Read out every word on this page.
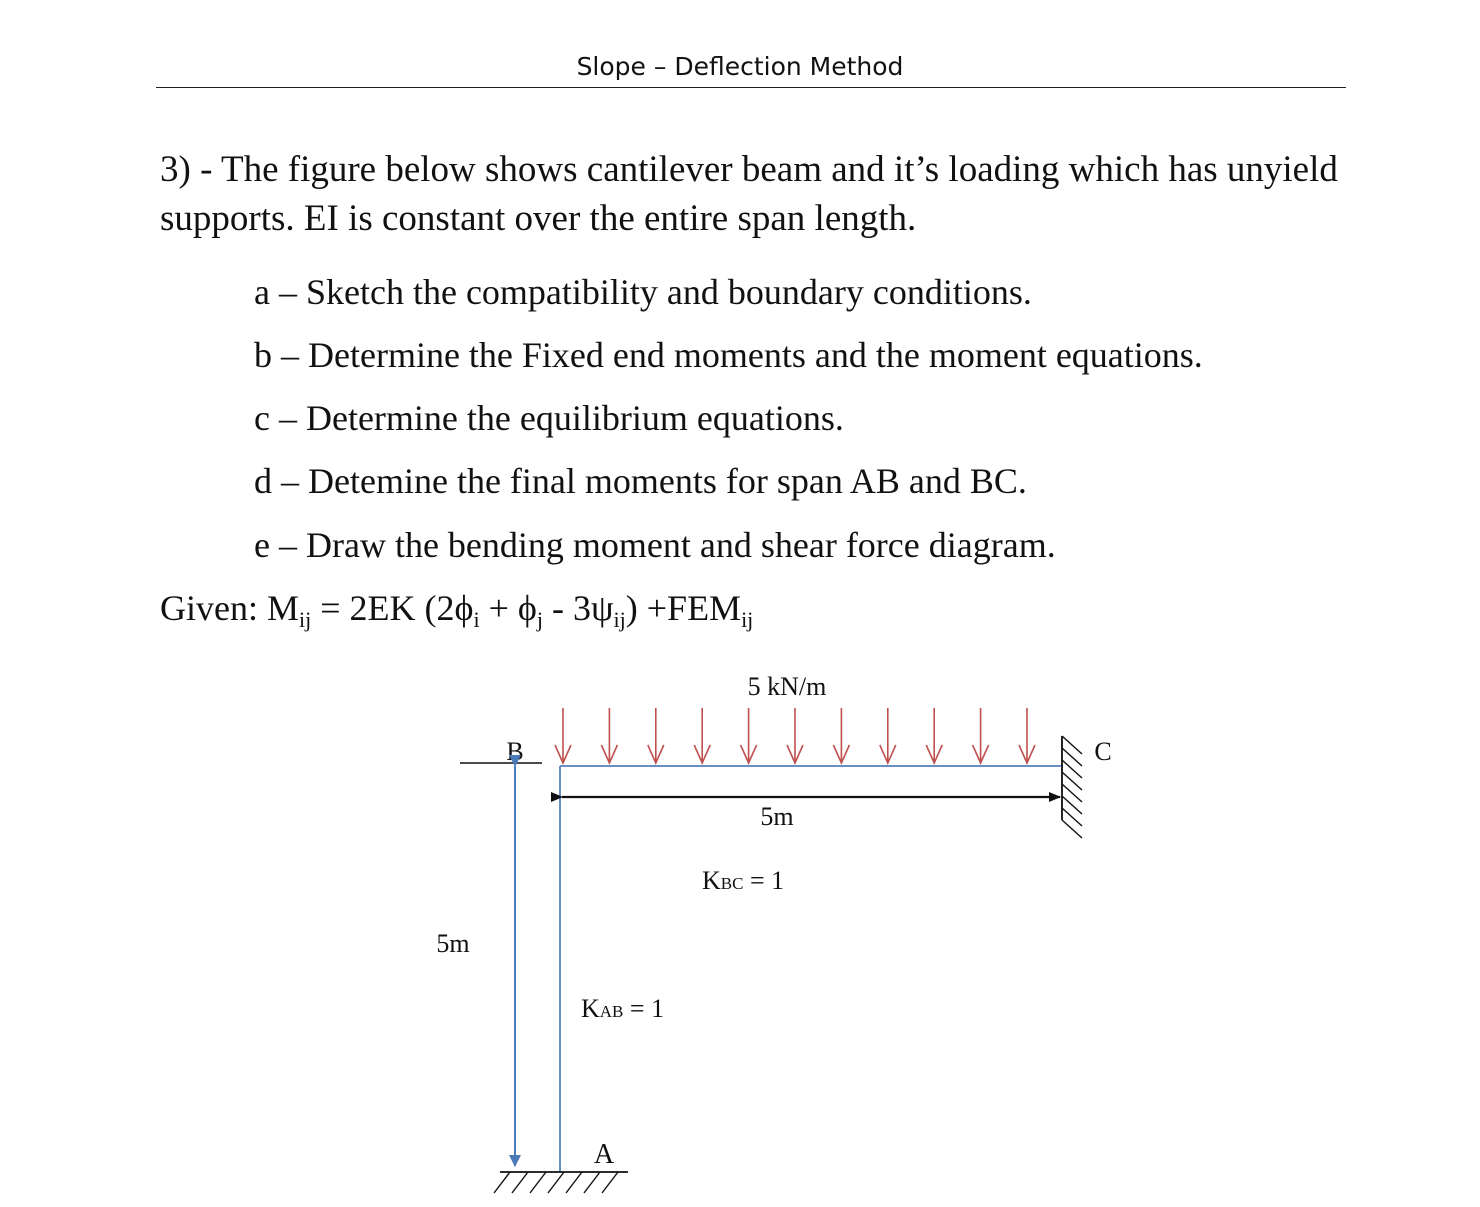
Slope – Deflection Method
3) - The figure below shows cantilever beam and it’s loading which has unyield supports. EI is constant over the entire span length.
a – Sketch the compatibility and boundary conditions.
b – Determine the Fixed end moments and the moment equations.
c – Determine the equilibrium equations.
d – Detemine the final moments for span AB and BC.
e – Draw the bending moment and shear force diagram.
Given: $M_{ij} = 2EK$ $(2\phi_i + \phi_j - 3\psi_{ij}) +FEM_{ij}$
5 kN/m
B	C
A
5m
5m
KBC = 1
KAB = 1
